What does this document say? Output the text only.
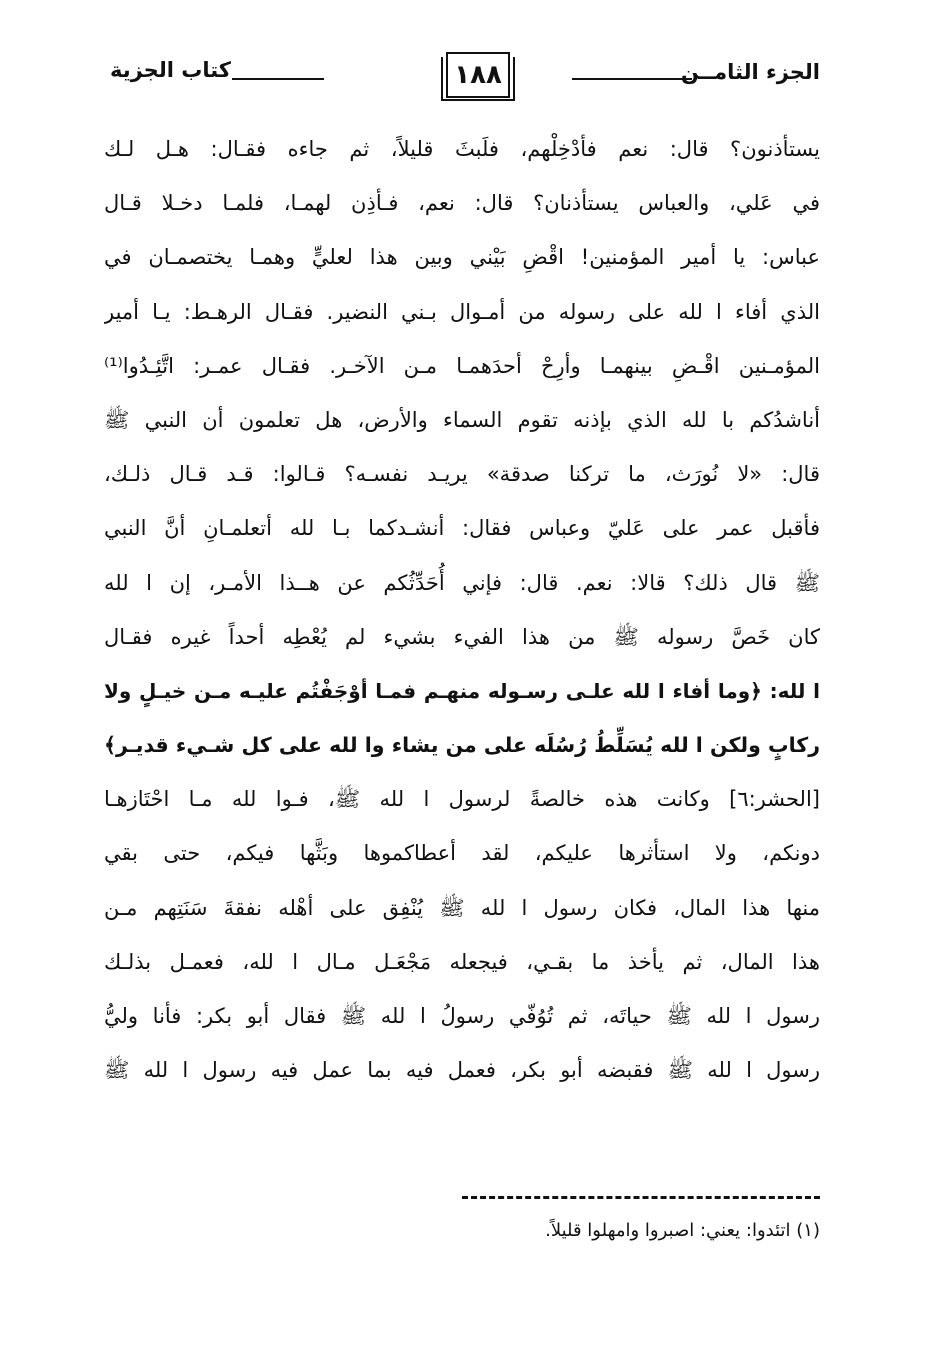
الجزء الثامــن
١٨٨
كتاب الجزية
يستأذنون؟ قال: نعم فأدْخِلْهم، فلَبثَ قليلاً، ثم جاءه فقـال: هـل لـك
في عَلي، والعباس يستأذنان؟ قال: نعم، فـأذِن لهمـا، فلمـا دخـلا قـال
عباس: يا أمير المؤمنين! اقْضِ بَيْني وبين هذا لعليٍّ وهمـا يختصمـان في
الذي أفاء ا لله على رسوله من أمـوال بـني النضير. فقـال الرهـط: يـا أمير
المؤمـنين اقْـضِ بينهمـا وأرِحْ أحدَهمـا مـن الآخـر. فقـال عمـر: اتَّئِـدُوا⁽¹⁾
أناشدُكم با لله الذي بإذنه تقوم السماء والأرض، هل تعلمون أن النبي ﷺ
قال: «لا نُورَث، ما تركنا صدقة» يريـد نفسـه؟ قـالوا: قـد قـال ذلـك،
فأقبل عمر على عَليّ وعباس فقال: أنشـدكما بـا لله أتعلمـانِ أنَّ النبي
ﷺ قال ذلك؟ قالا: نعم. قال: فإني أُحَدِّثُكم عن هــذا الأمـر، إن ا لله
كان خَصَّ رسوله ﷺ من هذا الفيء بشيء لم يُعْطِه أحداً غيره فقـال
ا لله: ﴿وما أفاء ا لله علـى رسـوله منهـم فمـا أوْجَفْتُم عليـه مـن خيـلٍ ولا
ركابٍ ولكن ا لله يُسَلِّطُ رُسُلَه على من يشاء وا لله على كل شـيء قديـر﴾
[الحشر:٦] وكانت هذه خالصةً لرسول ا لله ﷺ، فـوا لله مـا احْتَازهـا
دونكم، ولا استأثرها عليكم، لقد أعطاكموها وبَثَّها فيكم، حتى بقي
منها هذا المال، فكان رسول ا لله ﷺ يُنْفِق على أهْله نفقةَ سَنَتِهم مـن
هذا المال، ثم يأخذ ما بقـي، فيجعله مَجْعَـل مـال ا لله، فعمـل بذلـك
رسول ا لله ﷺ حياتَه، ثم تُوُفّي رسولُ ا لله ﷺ فقال أبو بكر: فأنا وليُّ
رسول ا لله ﷺ فقبضه أبو بكر، فعمل فيه بما عمل فيه رسول ا لله ﷺ
(١) اتئدوا: يعني: اصبروا وامهلوا قليلاً.
